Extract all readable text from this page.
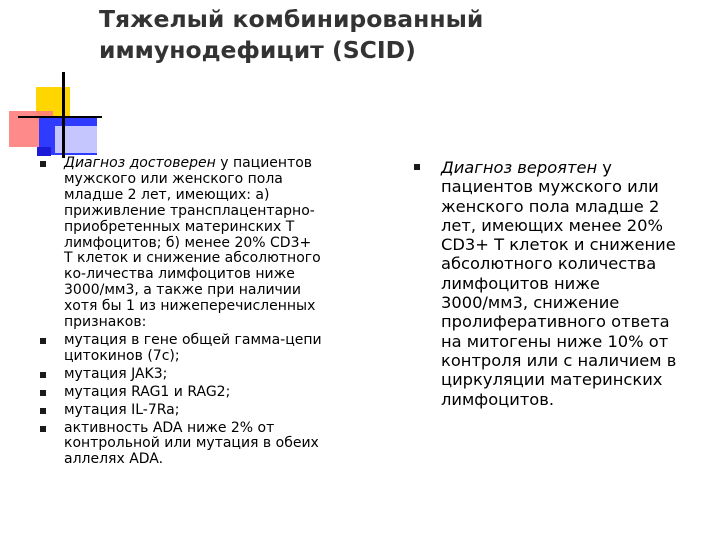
Тяжелый комбинированный
иммунодефицит (SCID)
Диагноз достоверен у пациентов
мужского или женского пола
младше 2 лет, имеющих: а)
приживление трансплацентарно-
приобретенных материнских Т
лимфоцитов; б) менее 20% CD3+
Т клеток и снижение абсолютного
ко-личества лимфоцитов ниже
3000/мм3, а также при наличии
хотя бы 1 из нижеперечисленных
признаков:
мутация в гене общей гамма-цепи
цитокинов (7с);
мутация JAK3;
мутация RAG1 и RAG2;
мутация IL-7Ra;
активность ADA ниже 2% от
контрольной или мутация в обеих
аллелях ADA.
Диагноз вероятен у
пациентов мужского или
женского пола младше 2
лет, имеющих менее 20%
CD3+ Т клеток и снижение
абсолютного количества
лимфоцитов ниже
3000/мм3, снижение
пролиферативного ответа
на митогены ниже 10% от
контроля или с наличием в
циркуляции материнских
лимфоцитов.
